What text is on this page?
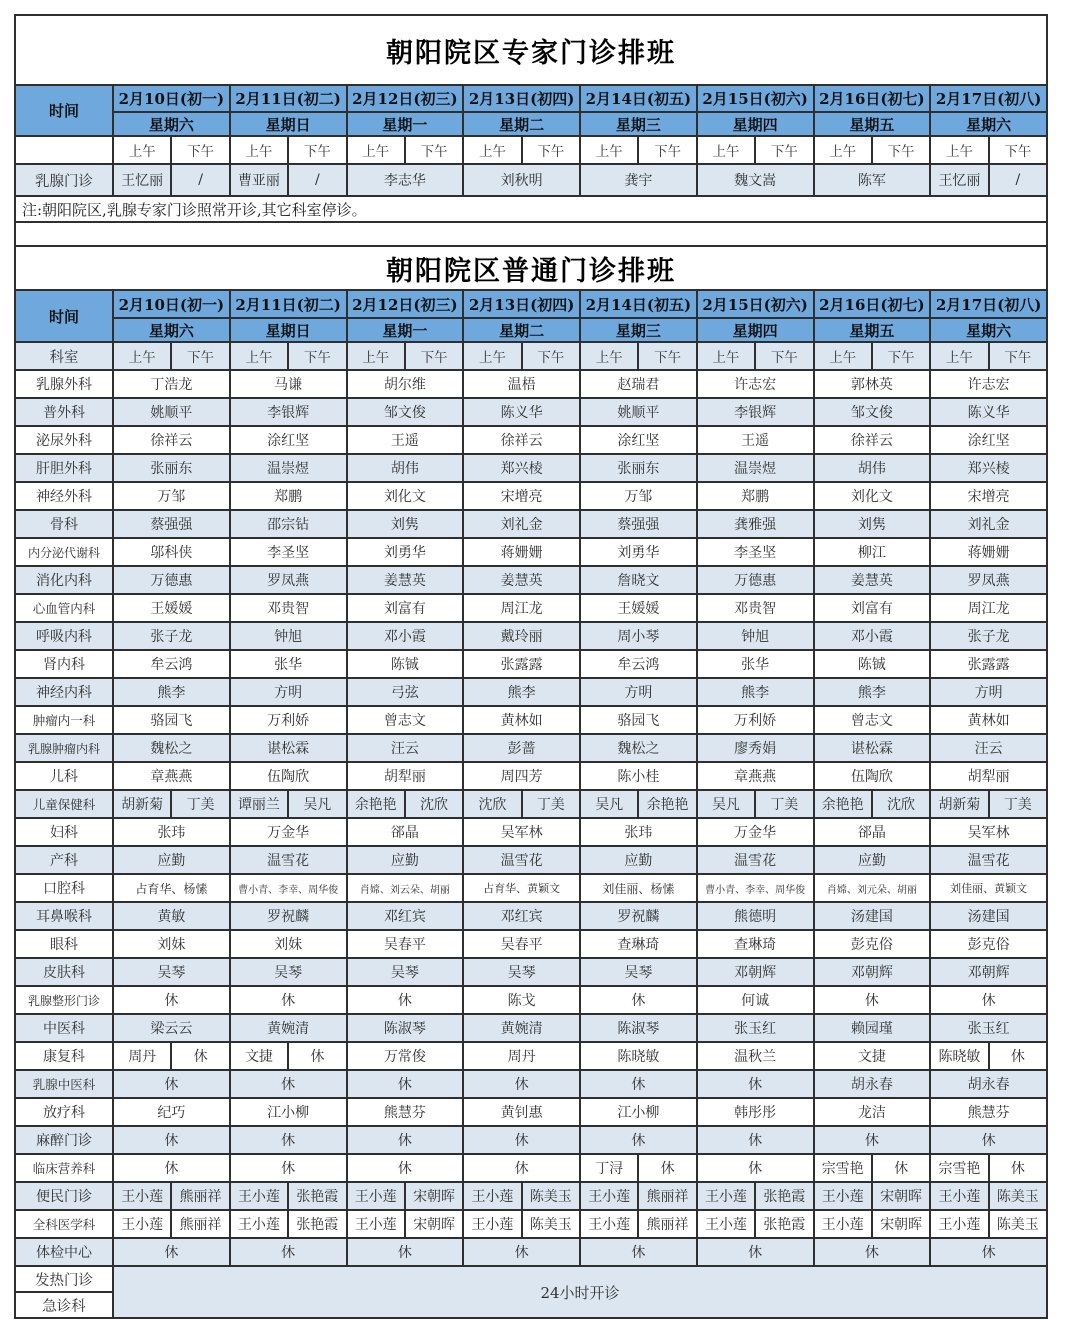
朝阳院区专家门诊排班																
时间	2月10日(初一)		2月11日(初二)		2月12日(初三)		2月13日(初四)		2月14日(初五)		2月15日(初六)		2月16日(初七)		2月17日(初八)	
	星期六		星期日		星期一		星期二		星期三		星期四		星期五		星期六	
	上午	下午	上午	下午	上午	下午	上午	下午	上午	下午	上午	下午	上午	下午	上午	下午
乳腺门诊	王忆丽	/	曹亚丽	/	李志华		刘秋明		龚宇		魏文嵩		陈军		王忆丽	/
注:朝阳院区,乳腺专家门诊照常开诊,其它科室停诊。																

朝阳院区普通门诊排班																
时间	2月10日(初一)		2月11日(初二)		2月12日(初三)		2月13日(初四)		2月14日(初五)		2月15日(初六)		2月16日(初七)		2月17日(初八)	
	星期六		星期日		星期一		星期二		星期三		星期四		星期五		星期六	
科室	上午	下午	上午	下午	上午	下午	上午	下午	上午	下午	上午	下午	上午	下午	上午	下午
乳腺外科	丁浩龙		马谦		胡尔维		温梧		赵瑞君		许志宏		郭林英		许志宏	
普外科	姚顺平		李银辉		邹文俊		陈义华		姚顺平		李银辉		邹文俊		陈义华	
泌尿外科	徐祥云		涂红坚		王遥		徐祥云		涂红坚		王遥		徐祥云		涂红坚	
肝胆外科	张丽东		温崇煜		胡伟		郑兴棱		张丽东		温崇煜		胡伟		郑兴棱	
神经外科	万邹		郑鹏		刘化文		宋增亮		万邹		郑鹏		刘化文		宋增亮	
骨科	蔡强强		邵宗钻		刘隽		刘礼金		蔡强强		龚雅强		刘隽		刘礼金	
内分泌代谢科	邬科侠		李圣坚		刘勇华		蒋姗姗		刘勇华		李圣坚		柳江		蒋姗姗	
消化内科	万德惠		罗凤燕		姜慧英		姜慧英		詹晓文		万德惠		姜慧英		罗凤燕	
心血管内科	王媛媛		邓贵智		刘富有		周江龙		王媛媛		邓贵智		刘富有		周江龙	
呼吸内科	张子龙		钟旭		邓小霞		戴玲丽		周小琴		钟旭		邓小霞		张子龙	
肾内科	牟云鸿		张华		陈铖		张露露		牟云鸿		张华		陈铖		张露露	
神经内科	熊李		方明		弓弦		熊李		方明		熊李		熊李		方明	
肿瘤内一科	骆园飞		万利娇		曾志文		黄林如		骆园飞		万利娇		曾志文		黄林如	
乳腺肿瘤内科	魏松之		谌松霖		汪云		彭蔷		魏松之		廖秀娟		谌松霖		汪云	
儿科	章燕燕		伍陶欣		胡犁丽		周四芳		陈小桂		章燕燕		伍陶欣		胡犁丽	
儿童保健科	胡新菊	丁美	谭丽兰	吴凡	余艳艳	沈欣	沈欣	丁美	吴凡	余艳艳	吴凡	丁美	余艳艳	沈欣	胡新菊	丁美
妇科	张玮		万金华		郤晶		吴军林		张玮		万金华		郤晶		吴军林	
产科	应勤		温雪花		应勤		温雪花		应勤		温雪花		应勤		温雪花	
口腔科	占育华、杨愫		曹小青、李幸、周华俊		肖嫦、刘云朵、胡丽		占育华、黄颖文		刘佳丽、杨愫		曹小青、李幸、周华俊		肖嫦、刘元朵、胡丽		刘佳丽、黄颖文	
耳鼻喉科	黄敏		罗祝麟		邓红宾		邓红宾		罗祝麟		熊德明		汤建国		汤建国	
眼科	刘妹		刘妹		吴春平		吴春平		查琳琦		查琳琦		彭克俗		彭克俗	
皮肤科	吴琴		吴琴		吴琴		吴琴		吴琴		邓朝辉		邓朝辉		邓朝辉	
乳腺整形门诊	休		休		休		陈戈		休		何诚		休		休	
中医科	梁云云		黄婉清		陈淑琴		黄婉清		陈淑琴		张玉红		赖园瑾		张玉红	
康复科	周丹	休	文捷	休	万常俊		周丹		陈晓敏		温秋兰		文捷		陈晓敏	休
乳腺中医科	休		休		休		休		休		休		胡永春		胡永春	
放疗科	纪巧		江小柳		熊慧芬		黄钊惠		江小柳		韩彤彤		龙洁		熊慧芬	
麻醉门诊	休		休		休		休		休		休		休		休	
临床营养科	休		休		休		休		丁浔	休	休		宗雪艳	休	宗雪艳	休
便民门诊	王小莲	熊丽祥	王小莲	张艳霞	王小莲	宋朝晖	王小莲	陈美玉	王小莲	熊丽祥	王小莲	张艳霞	王小莲	宋朝晖	王小莲	陈美玉
全科医学科	王小莲	熊丽祥	王小莲	张艳霞	王小莲	宋朝晖	王小莲	陈美玉	王小莲	熊丽祥	王小莲	张艳霞	王小莲	宋朝晖	王小莲	陈美玉
体检中心	休		休		休		休		休		休		休		休	
发热门诊	24小时开诊															
急诊科																
